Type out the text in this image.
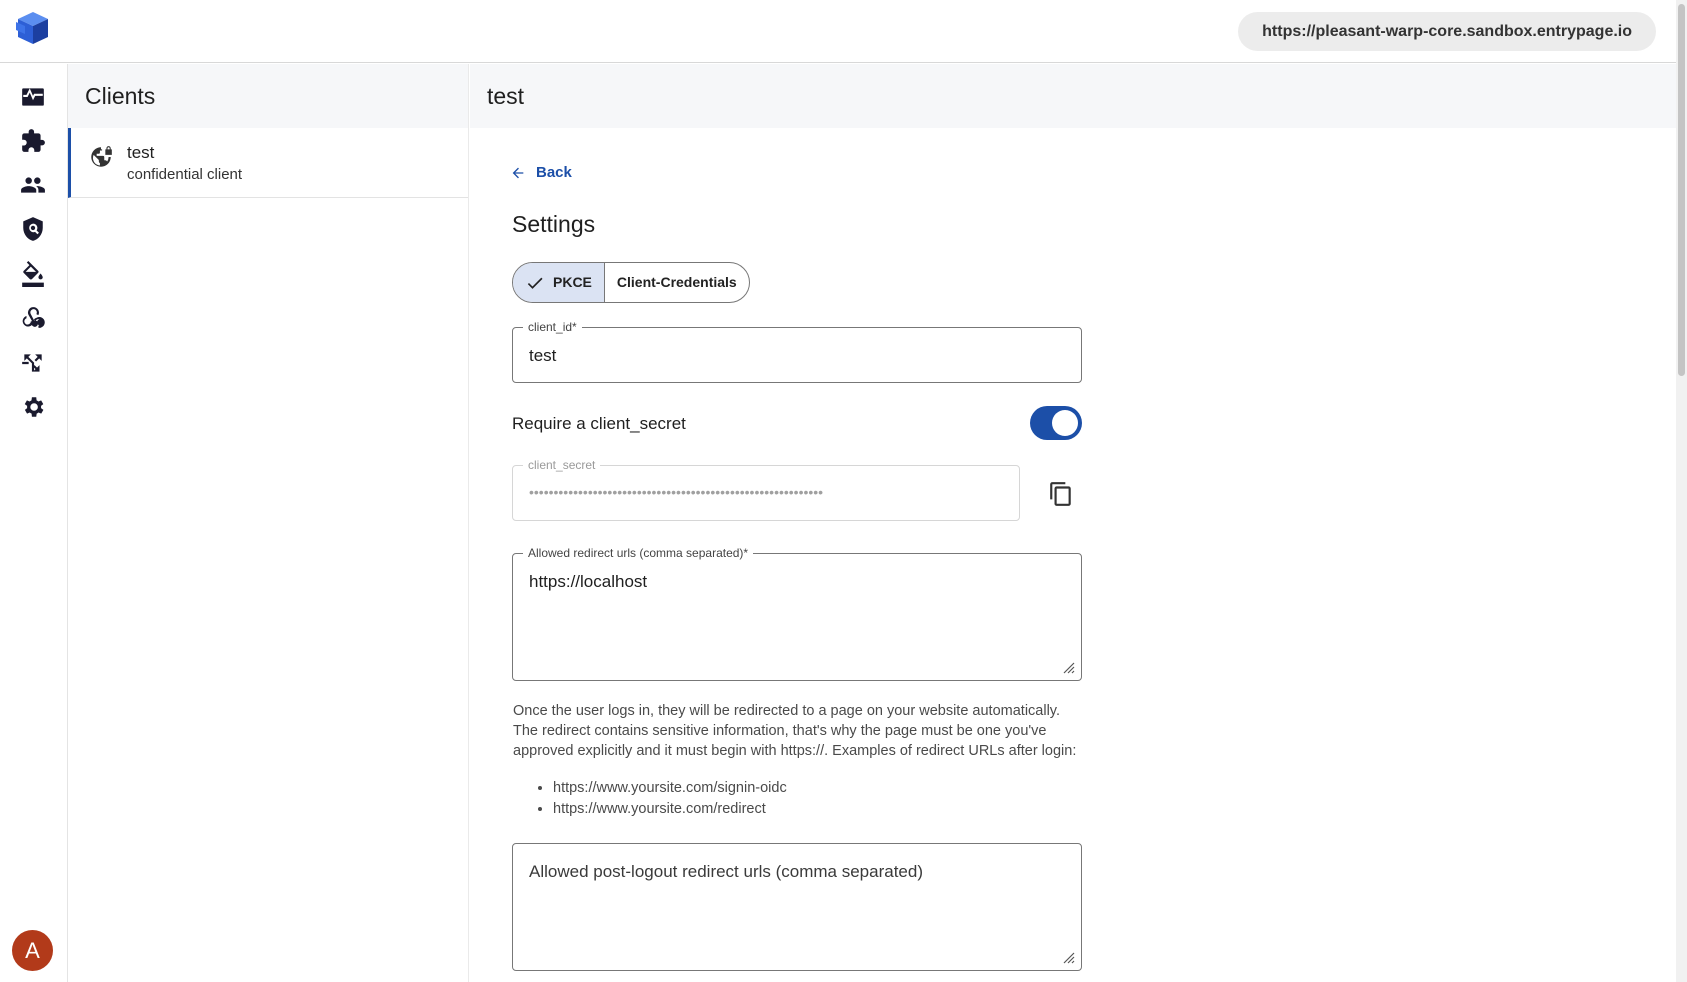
https://pleasant-warp-core.sandbox.entrypage.io
A
Clients
test
confidential client
test
Back
Settings
PKCE Client-Credentials
client_id*
test
Require a client_secret
client_secret
••••••••••••••••••••••••••••••••••••••••••••••••••••••••••••
Allowed redirect urls (comma separated)*
https://localhost

Once the user logs in, they will be redirected to a page on your website automatically. The redirect contains sensitive information, that's why the page must be one you've approved explicitly and it must begin with https://. Examples of redirect URLs after login:

• https://www.yoursite.com/signin-oidc
• https://www.yoursite.com/redirect
Allowed post-logout redirect urls (comma separated)
